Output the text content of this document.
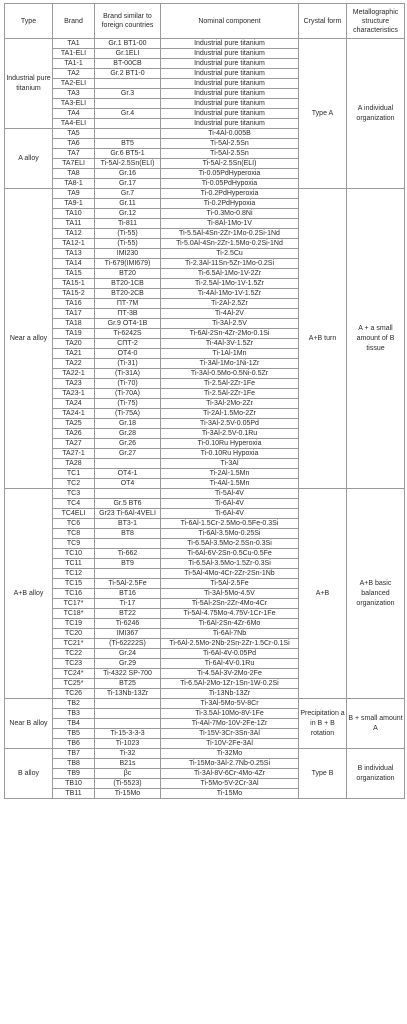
Type	Brand	Brand similar to foreign countries	Nominal component	Crystal form	Metallographic structure characteristics
Industrial pure titanium	TA1	Gr.1 BT1-00	Industrial pure titanium	Type A	A individual organization
	TA1-ELI	Gr.1ELI	Industrial pure titanium		
	TA1-1	BT-00CB	Industrial pure titanium		
	TA2	Gr.2 BT1-0	Industrial pure titanium		
	TA2-ELI		Industrial pure titanium		
	TA3	Gr.3	Industrial pure titanium		
	TA3-ELI		Industrial pure titanium		
	TA4	Gr.4	Industrial pure titanium		
	TA4-ELI		Industrial pure titanium		
A alloy	TA5		Ti-4Al-0.005B		
	TA6	BT5	Ti-5Al-2.5Sn		
	TA7	Gr.6 BT5-1	Ti-5Al-2.5Sn		
	TA7ELI	Ti-5Al-2.5Sn(ELI)	Ti-5Al-2.5Sn(ELI)		
	TA8	Gr.16	Ti-0.05PdHyperoxia		
	TA8-1	Gr.17	Ti-0.05PdHypoxia		
Near a alloy	TA9	Gr.7	Ti-0.2PdHyperoxia	A+B turn	A + a small amount of B tissue
	TA9-1	Gr.11	Ti-0.2PdHypoxia		
	TA10	Gr.12	Ti-0.3Mo-0.8Ni		
	TA11	Ti-811	Ti-8Al-1Mo-1V		
	TA12	(Ti-55)	Ti-5.5Al-4Sn-2Zr-1Mo-0.2Si-1Nd		
	TA12-1	(Ti-55)	Ti-5.0Al-4Sn-2Zr-1.5Mo-0.2Si-1Nd		
	TA13	IMI230	Ti-2.5Cu		
	TA14	Ti-679(IMI679)	Ti-2.3Al-11Sn-5Zr-1Mo-0.2Si		
	TA15	BT20	Ti-6.5Al-1Mo-1V-2Zr		
	TA15-1	BT20-1CB	Ti-2.5Al-1Mo-1V-1.5Zr		
	TA15-2	BT20-2CB	Ti-4Al-1Mo-1V-1.5Zr		
	TA16	ПТ-7M	Ti-2Al-2.5Zr		
	TA17	ПТ-3B	Ti-4Al-2V		
	TA18	Gr.9 OT4-1B	Ti-3Al-2.5V		
	TA19	Ti-6242S	Ti-6Al-2Sn-4Zr-2Mo-0.1Si		
	TA20	СПТ-2	Ti-4Al-3V-1.5Zr		
	TA21	OT4-0	Ti-1Al-1Mn		
	TA22	(Ti-31)	Ti-3Al-1Mo-1Ni-1Zr		
	TA22-1	(Ti-31A)	Ti-3Al-0.5Mo-0.5Ni-0.5Zr		
	TA23	(Ti-70)	Ti-2.5Al-2Zr-1Fe		
	TA23-1	(Ti-70A)	Ti-2.5Al-2Zr-1Fe		
	TA24	(Ti-75)	Ti-3Al-2Mo-2Zr		
	TA24-1	(Ti-75A)	Ti-2Al-1.5Mo-2Zr		
	TA25	Gr.18	Ti-3Al-2.5V-0.05Pd		
	TA26	Gr.28	Ti-3Al-2.5V-0.1Ru		
	TA27	Gr.26	Ti-0.10Ru Hyperoxia		
	TA27-1	Gr.27	Ti-0.10Ru Hypoxia		
	TA28		Ti-3Al		
	TC1	OT4-1	Ti-2Al-1.5Mn		
	TC2	OT4	Ti-4Al-1.5Mn		
A+B alloy	TC3		Ti-5Al-4V	A+B	A+B basic balanced organization
	TC4	Gr.5 BT6	Ti-6Al-4V		
	TC4ELI	Gr23 Ti-6Al-4VELI	Ti-6Al-4V		
	TC6	BT3-1	Ti-6Al-1.5Cr-2.5Mo-0.5Fe-0.3Si		
	TC8	BT8	Ti-6Al-3.5Mo-0.25Si		
	TC9		Ti-6.5Al-3.5Mo-2.5Sn-0.3Si		
	TC10	Ti-662	Ti-6Al-6V-2Sn-0.5Cu-0.5Fe		
	TC11	BT9	Ti-6.5Al-3.5Mo-1.5Zr-0.3Si		
	TC12		Ti-5Al-4Mo-4Cr-2Zr-2Sn-1Nb		
	TC15	Ti-5Al-2.5Fe	Ti-5Al-2.5Fe		
	TC16	BT16	Ti-3Al-5Mo-4.5V		
	TC17*	Ti-17	Ti-5Al-2Sn-2Zr-4Mo-4Cr		
	TC18*	BT22	Ti-5Al-4.75Mo-4.75V-1Cr-1Fe		
	TC19	Ti-6246	Ti-6Al-2Sn-4Zr-6Mo		
	TC20	IMI367	Ti-6Al-7Nb		
	TC21*	(Ti-62222S)	Ti-6Al-2.5Mo-2Nb-2Sn-2Zr-1.5Cr-0.1Si		
	TC22	Gr.24	Ti-6Al-4V-0.05Pd		
	TC23	Gr.29	Ti-6Al-4V-0.1Ru		
	TC24*	Ti-4322 SP-700	Ti-4.5Al-3V-2Mo-2Fe		
	TC25*	BT25	Ti-6.5Al-2Mo-1Zr-1Sn-1W-0.2Si		
	TC26	Ti-13Nb-13Zr	Ti-13Nb-13Zr		
Near B alloy	TB2		Ti-3Al-5Mo-5V-8Cr	Precipitation a in B + B rotation	B + small amount A
	TB3		Ti-3.5Al-10Mo-8V-1Fe		
	TB4		Ti-4Al-7Mo-10V-2Fe-1Zr		
	TB5	Ti-15-3-3-3	Ti-15V-3Cr-3Sn-3Al		
	TB6	Ti-1023	Ti-10V-2Fe-3Al		
B alloy	TB7	Ti-32	Ti-32Mo	Type B	B individual organization
	TB8	B21s	Ti-15Mo-3Al-2.7Nb-0.25Si		
	TB9	βc	Ti-3Al-8V-6Cr-4Mo-4Zr		
	TB10	(Ti-5523)	Ti-5Mo-5V-2Cr-3Al		
	TB11	Ti-15Mo	Ti-15Mo		
